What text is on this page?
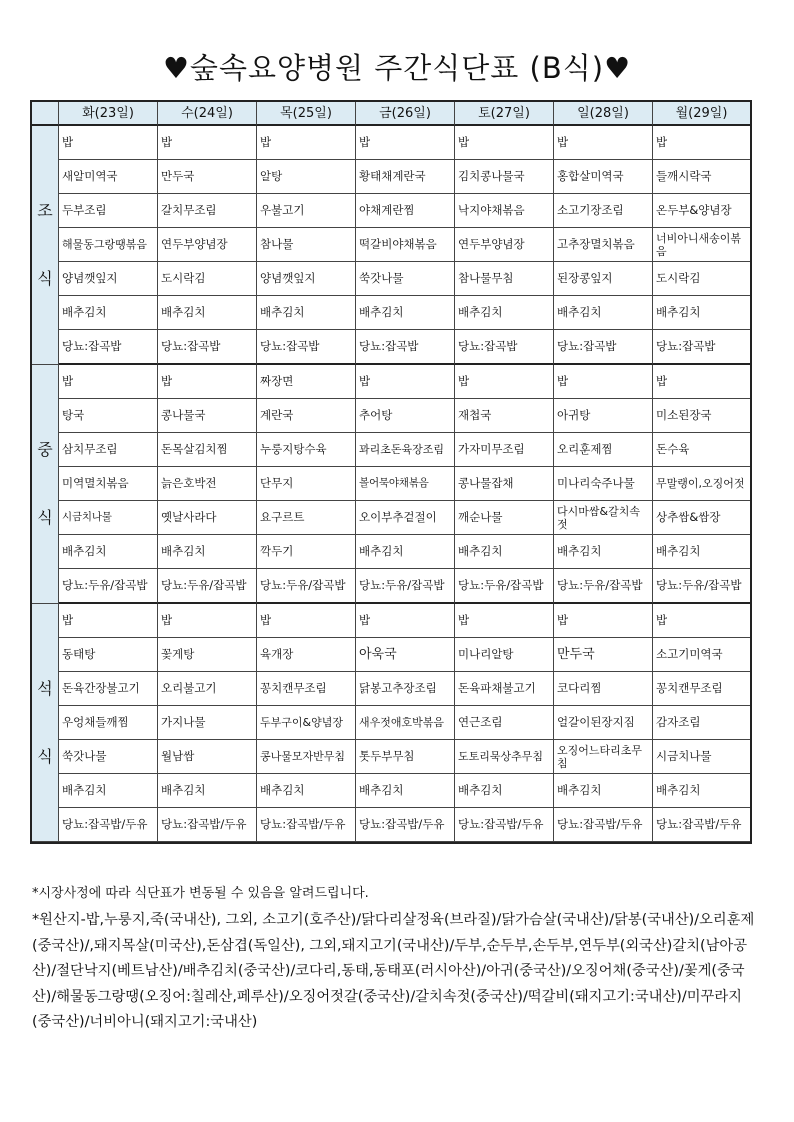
♥숲속요양병원 주간식단표 (B식)♥
	화(23일)	수(24일)	목(25일)	금(26일)	토(27일)	일(28일)	월(29일)
조

식	밥	밥	밥	밥	밥	밥	밥
	새알미역국	만두국	알탕	황태채계란국	김치콩나물국	홍합살미역국	들깨시락국
	두부조림	갈치무조림	우불고기	야채계란찜	낙지야채볶음	소고기장조림	온두부&양념장
	해물동그랑땡볶음	연두부양념장	참나물	떡갈비야채볶음	연두부양념장	고추장멸치볶음	너비아니새송이볶음
	양념깻잎지	도시락김	양념깻잎지	쑥갓나물	참나물무침	된장콩잎지	도시락김
	배추김치	배추김치	배추김치	배추김치	배추김치	배추김치	배추김치
	당뇨:잡곡밥	당뇨:잡곡밥	당뇨:잡곡밥	당뇨:잡곡밥	당뇨:잡곡밥	당뇨:잡곡밥	당뇨:잡곡밥
중

식	밥	밥	짜장면	밥	밥	밥	밥
	탕국	콩나물국	계란국	추어탕	재첩국	아귀탕	미소된장국
	삼치무조림	돈목살김치찜	누룽지탕수육	꽈리초돈육장조림	가자미무조림	오리훈제찜	돈수육
	미역멸치볶음	늙은호박전	단무지	볼어묵야채볶음	콩나물잡채	미나리숙주나물	무말랭이,오징어젓
	시금치나물	옛날사라다	요구르트	오이부추겉절이	깨순나물	다시마쌈&갈치속젓	상추쌈&쌈장
	배추김치	배추김치	깍두기	배추김치	배추김치	배추김치	배추김치
	당뇨:두유/잡곡밥	당뇨:두유/잡곡밥	당뇨:두유/잡곡밥	당뇨:두유/잡곡밥	당뇨:두유/잡곡밥	당뇨:두유/잡곡밥	당뇨:두유/잡곡밥
석

식	밥	밥	밥	밥	밥	밥	밥
	동태탕	꽃게탕	육개장	아욱국	미나리알탕	만두국	소고기미역국
	돈육간장불고기	오리불고기	꽁치캔무조림	닭봉고추장조림	돈육파채불고기	코다리찜	꽁치캔무조림
	우엉채들깨찜	가지나물	두부구이&양념장	새우젓애호박볶음	연근조림	얼갈이된장지짐	감자조림
	쑥갓나물	월남쌈	콩나물모자반무침	톳두부무침	도토리묵상추무침	오징어느타리초무침	시금치나물
	배추김치	배추김치	배추김치	배추김치	배추김치	배추김치	배추김치
	당뇨:잡곡밥/두유	당뇨:잡곡밥/두유	당뇨:잡곡밥/두유	당뇨:잡곡밥/두유	당뇨:잡곡밥/두유	당뇨:잡곡밥/두유	당뇨:잡곡밥/두유
*시장사정에 따라 식단표가 변동될 수 있음을 알려드립니다.
*원산지-밥,누룽지,죽(국내산), 그외, 소고기(호주산)/닭다리살정육(브라질)/닭가슴살(국내산)/닭봉(국내산)/오리훈제(중국산)/,돼지목살(미국산),돈삼겹(독일산), 그외,돼지고기(국내산)/두부,순두부,손두부,연두부(외국산)갈치(남아공산)/절단낙지(베트남산)/배추김치(중국산)/코다리,동태,동태포(러시아산)/아귀(중국산)/오징어채(중국산)/꽃게(중국산)/해물동그랑땡(오징어:칠레산,페루산)/오징어젓갈(중국산)/갈치속젓(중국산)/떡갈비(돼지고기:국내산)/미꾸라지(중국산)/너비아니(돼지고기:국내산)
